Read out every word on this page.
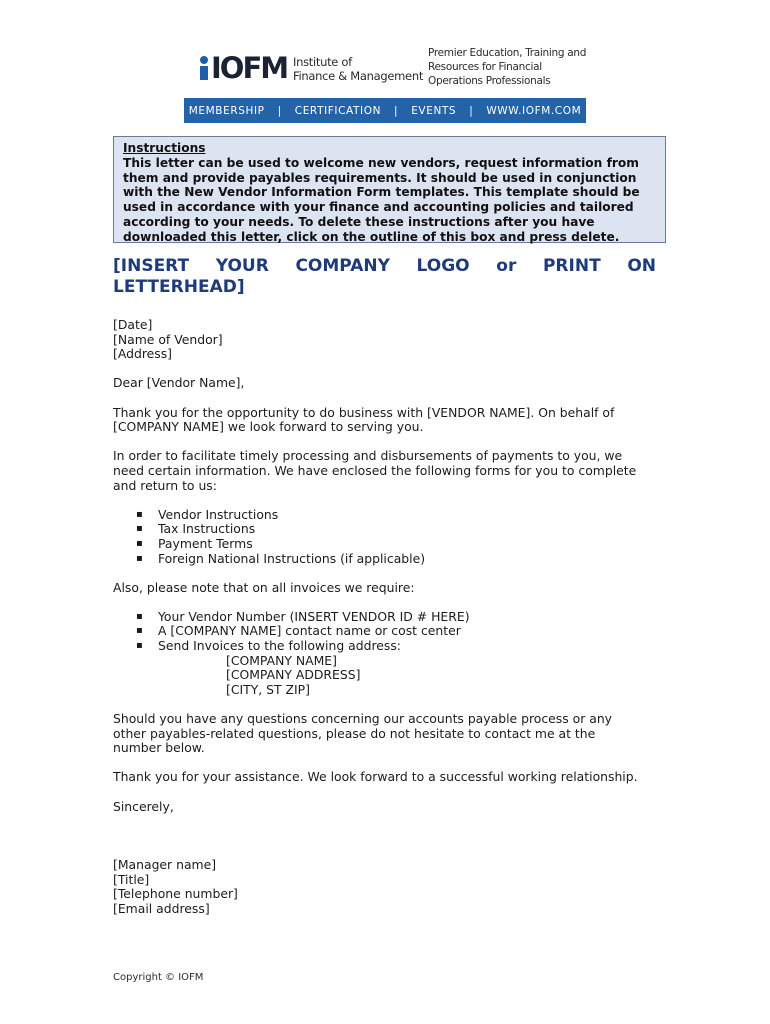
IOFM Institute of
Finance & Management
Premier Education, Training and
Resources for Financial
Operations Professionals
MEMBERSHIP | CERTIFICATION | EVENTS | WWW.IOFM.COM
Instructions
This letter can be used to welcome new vendors, request information from them and provide payables requirements. It should be used in conjunction with the New Vendor Information Form templates. This template should be used in accordance with your finance and accounting policies and tailored according to your needs. To delete these instructions after you have downloaded this letter, click on the outline of this box and press delete.
[INSERT YOUR COMPANY LOGO or PRINT ON
LETTERHEAD]
[Date]
[Name of Vendor]
[Address]
Dear [Vendor Name],
Thank you for the opportunity to do business with [VENDOR NAME]. On behalf of
[COMPANY NAME] we look forward to serving you.
In order to facilitate timely processing and disbursements of payments to you, we
need certain information. We have enclosed the following forms for you to complete
and return to us:
▪ Vendor Instructions
▪ Tax Instructions
▪ Payment Terms
▪ Foreign National Instructions (if applicable)
Also, please note that on all invoices we require:
▪ Your Vendor Number (INSERT VENDOR ID # HERE)
▪ A [COMPANY NAME] contact name or cost center
▪ Send Invoices to the following address:
[COMPANY NAME]
[COMPANY ADDRESS]
[CITY, ST ZIP]
Should you have any questions concerning our accounts payable process or any
other payables-related questions, please do not hesitate to contact me at the
number below.
Thank you for your assistance. We look forward to a successful working relationship.
Sincerely,
[Manager name]
[Title]
[Telephone number]
[Email address]
Copyright © IOFM
